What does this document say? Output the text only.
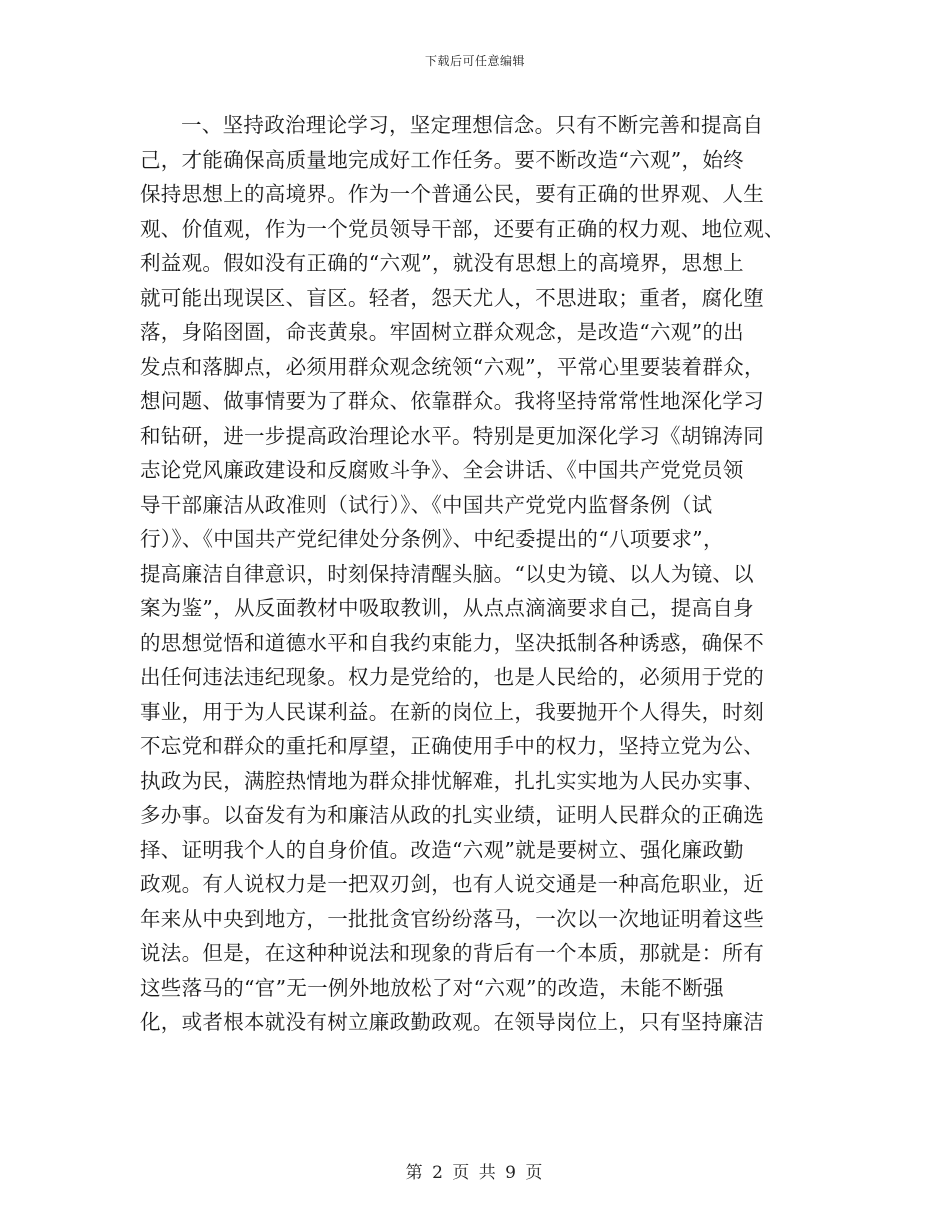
下载后可任意编辑
一、坚持政治理论学习，坚定理想信念。只有不断完善和提高自
己，才能确保高质量地完成好工作任务。要不断改造“六观”，始终
保持思想上的高境界。作为一个普通公民，要有正确的世界观、人生
观、价值观，作为一个党员领导干部，还要有正确的权力观、地位观、
利益观。假如没有正确的“六观”，就没有思想上的高境界，思想上
就可能出现误区、盲区。轻者，怨天尤人，不思进取；重者，腐化堕
落，身陷囹圄，命丧黄泉。牢固树立群众观念，是改造“六观”的出
发点和落脚点，必须用群众观念统领“六观”，平常心里要装着群众，
想问题、做事情要为了群众、依靠群众。我将坚持常常性地深化学习
和钻研，进一步提高政治理论水平。特别是更加深化学习《胡锦涛同
志论党风廉政建设和反腐败斗争》、全会讲话、《中国共产党党员领
导干部廉洁从政准则（试行）》、《中国共产党党内监督条例（试
行）》、《中国共产党纪律处分条例》、中纪委提出的“八项要求”，
提高廉洁自律意识，时刻保持清醒头脑。“以史为镜、以人为镜、以
案为鉴”，从反面教材中吸取教训，从点点滴滴要求自己，提高自身
的思想觉悟和道德水平和自我约束能力，坚决抵制各种诱惑，确保不
出任何违法违纪现象。权力是党给的，也是人民给的，必须用于党的
事业，用于为人民谋利益。在新的岗位上，我要抛开个人得失，时刻
不忘党和群众的重托和厚望，正确使用手中的权力，坚持立党为公、
执政为民，满腔热情地为群众排忧解难，扎扎实实地为人民办实事、
多办事。以奋发有为和廉洁从政的扎实业绩，证明人民群众的正确选
择、证明我个人的自身价值。改造“六观”就是要树立、强化廉政勤
政观。有人说权力是一把双刃剑，也有人说交通是一种高危职业，近
年来从中央到地方，一批批贪官纷纷落马，一次以一次地证明着这些
说法。但是，在这种种说法和现象的背后有一个本质，那就是：所有
这些落马的“官”无一例外地放松了对“六观”的改造，未能不断强
化，或者根本就没有树立廉政勤政观。在领导岗位上，只有坚持廉洁
第 2 页 共 9 页
